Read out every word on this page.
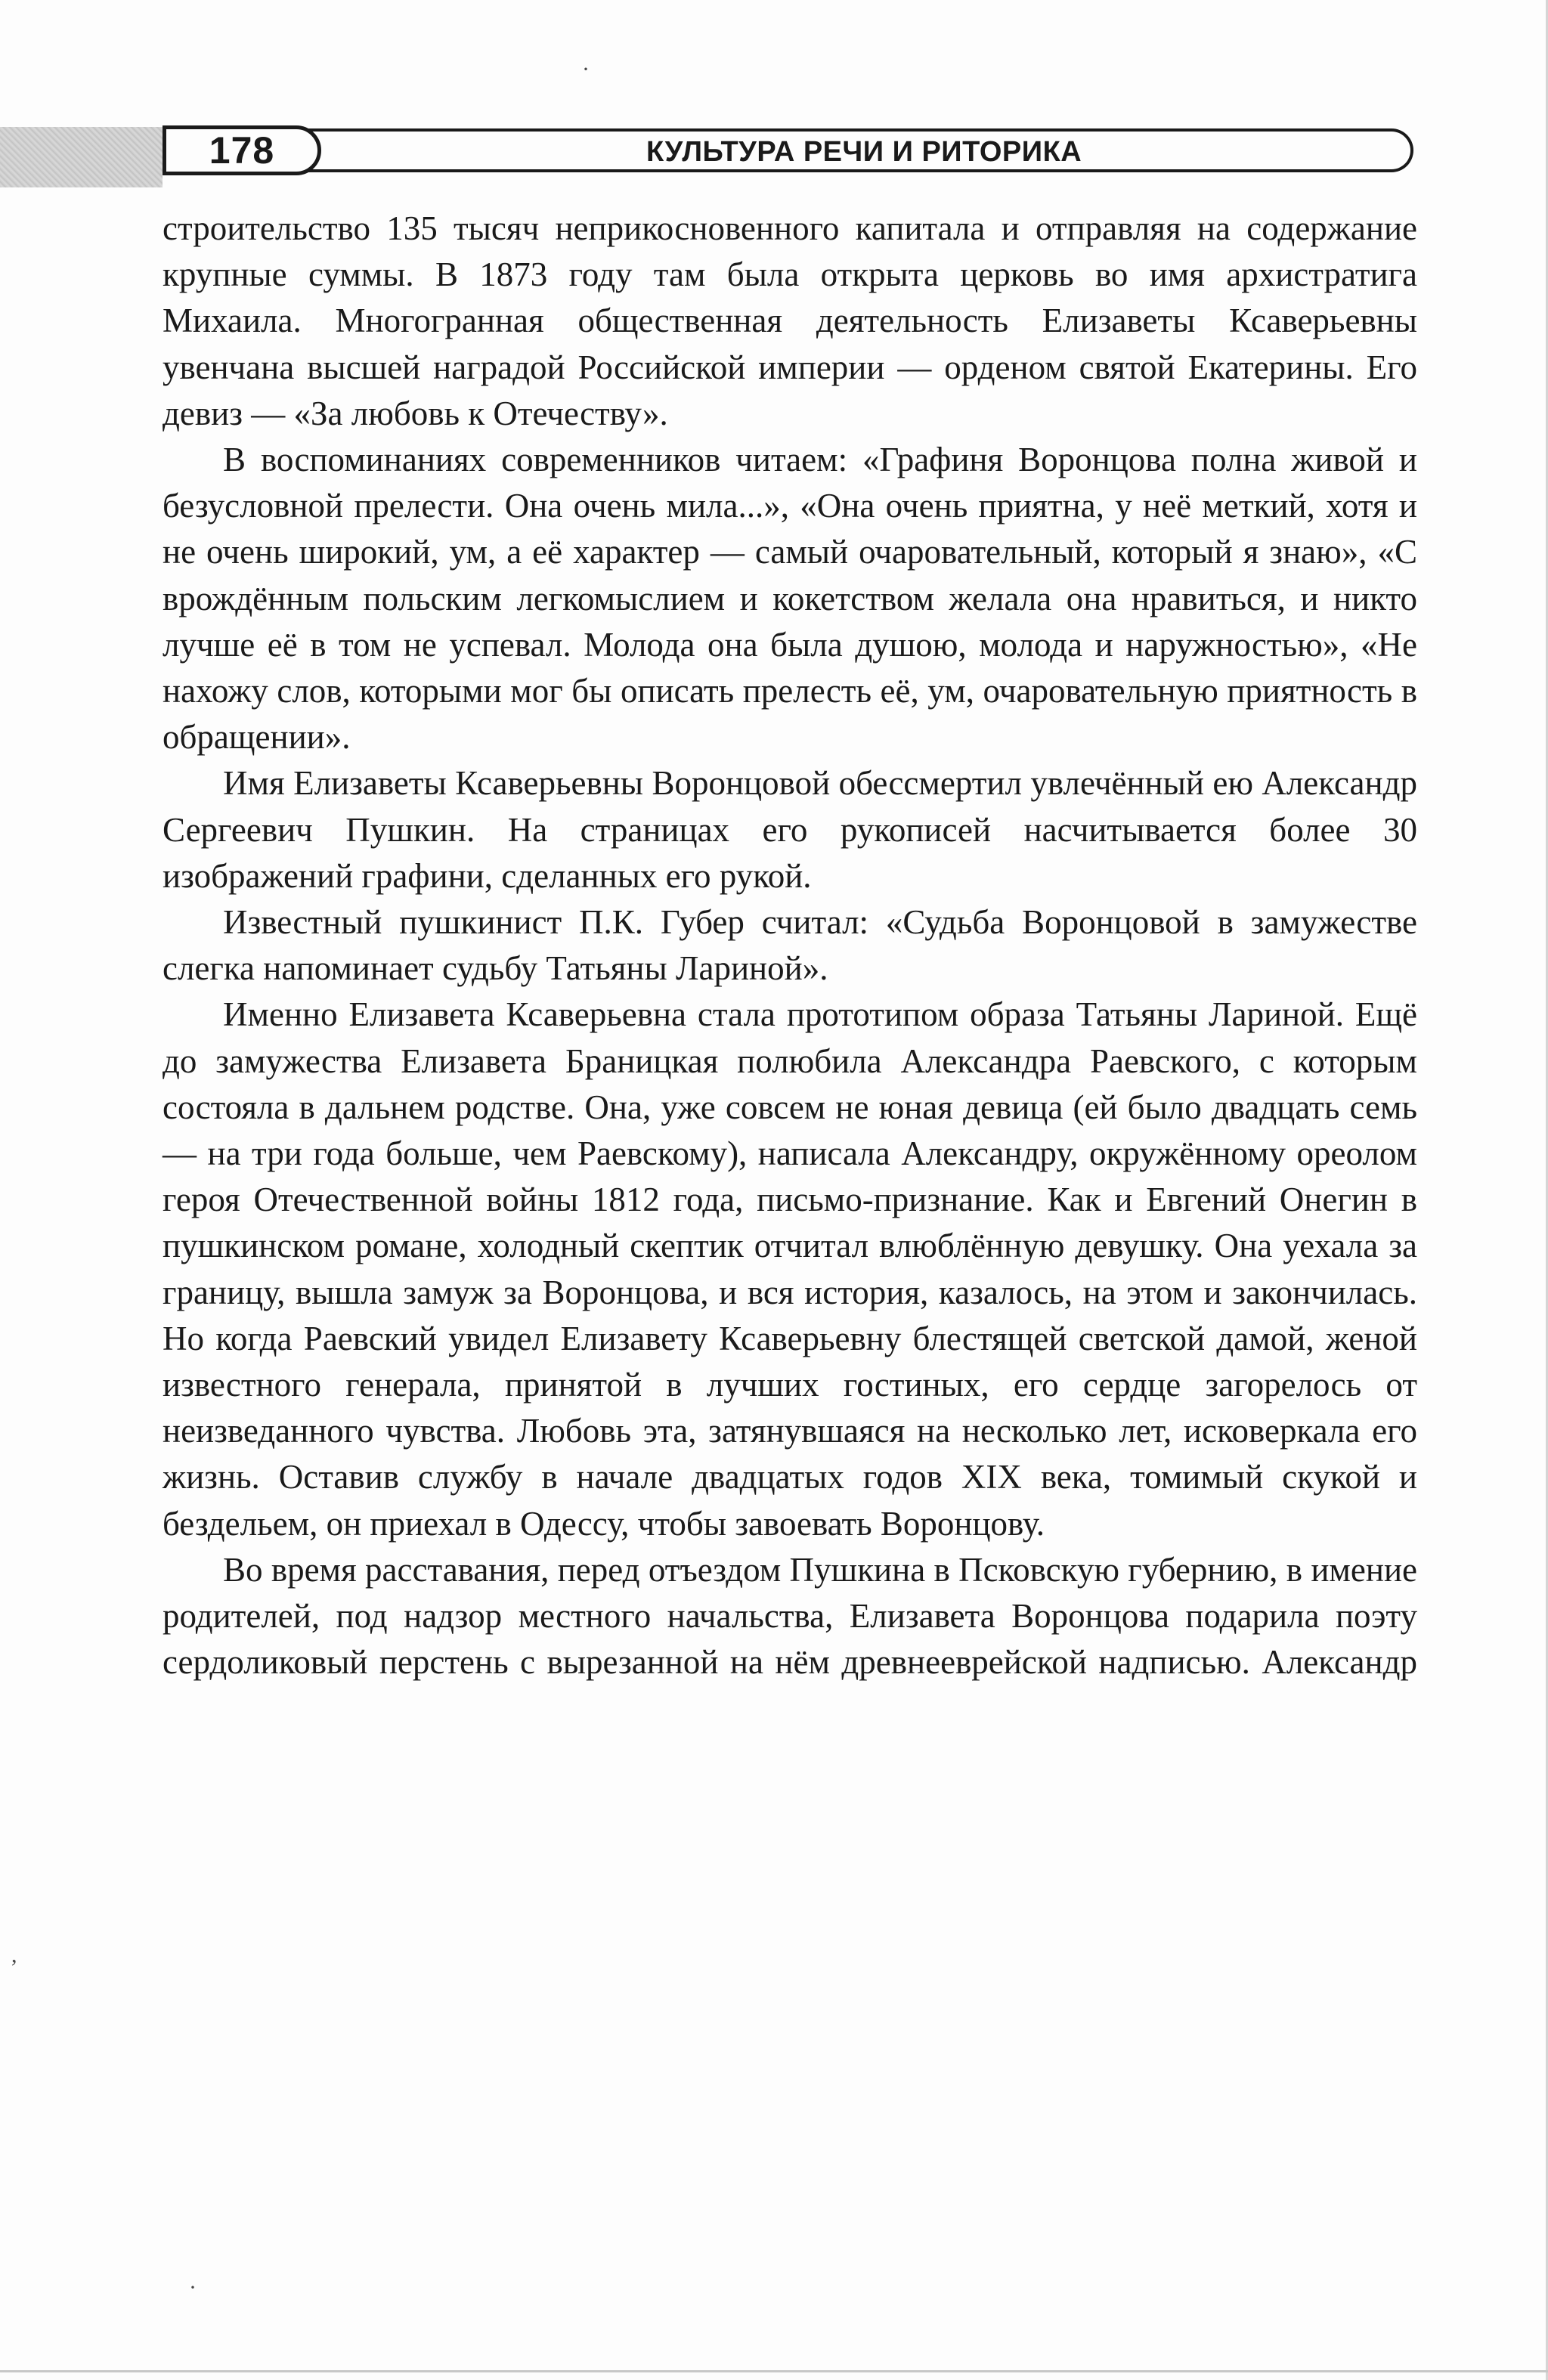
·
,
·
178	КУЛЬТУРА РЕЧИ И РИТОРИКА

строительство 135 тысяч неприкосновенного капитала и отправляя на содержание крупные суммы. В 1873 году там была открыта церковь во имя архистратига Михаила. Многогранная общественная деятельность Елизаветы Ксаверьевны увенчана высшей наградой Российской империи — орденом святой Екатерины. Его девиз — «За любовь к Отечеству».

В воспоминаниях современников читаем: «Графиня Воронцова полна живой и безусловной прелести. Она очень мила...», «Она очень приятна, у неё меткий, хотя и не очень широкий, ум, а её характер — самый очаровательный, который я знаю», «С врождённым польским легкомыслием и кокетством желала она нравиться, и никто лучше её в том не успевал. Молода она была душою, молода и наружностью», «Не нахожу слов, которыми мог бы описать прелесть её, ум, очаровательную приятность в обращении».

Имя Елизаветы Ксаверьевны Воронцовой обессмертил увлечённый ею Александр Сергеевич Пушкин. На страницах его рукописей насчитывается более 30 изображений графини, сделанных его рукой.

Известный пушкинист П.К. Губер считал: «Судьба Воронцовой в замужестве слегка напоминает судьбу Татьяны Лариной».

Именно Елизавета Ксаверьевна стала прототипом образа Татьяны Лариной. Ещё до замужества Елизавета Браницкая полюбила Александра Раевского, с которым состояла в дальнем родстве. Она, уже совсем не юная девица (ей было двадцать семь — на три года больше, чем Раевскому), написала Александру, окружённому ореолом героя Отечественной войны 1812 года, письмо-признание. Как и Евгений Онегин в пушкинском романе, холодный скептик отчитал влюблённую девушку. Она уехала за границу, вышла замуж за Воронцова, и вся история, казалось, на этом и закончилась. Но когда Раевский увидел Елизавету Ксаверьевну блестящей светской дамой, женой известного генерала, принятой в лучших гостиных, его сердце загорелось от неизведанного чувства. Любовь эта, затянувшаяся на несколько лет, исковеркала его жизнь. Оставив службу в начале двадцатых годов XIX века, томимый скукой и бездельем, он приехал в Одессу, чтобы завоевать Воронцову.

Во время расставания, перед отъездом Пушкина в Псковскую губернию, в имение родителей, под надзор местного начальства, Елизавета Воронцова подарила поэту сердоликовый перстень с вырезанной на нём древнееврейской надписью. Александр
